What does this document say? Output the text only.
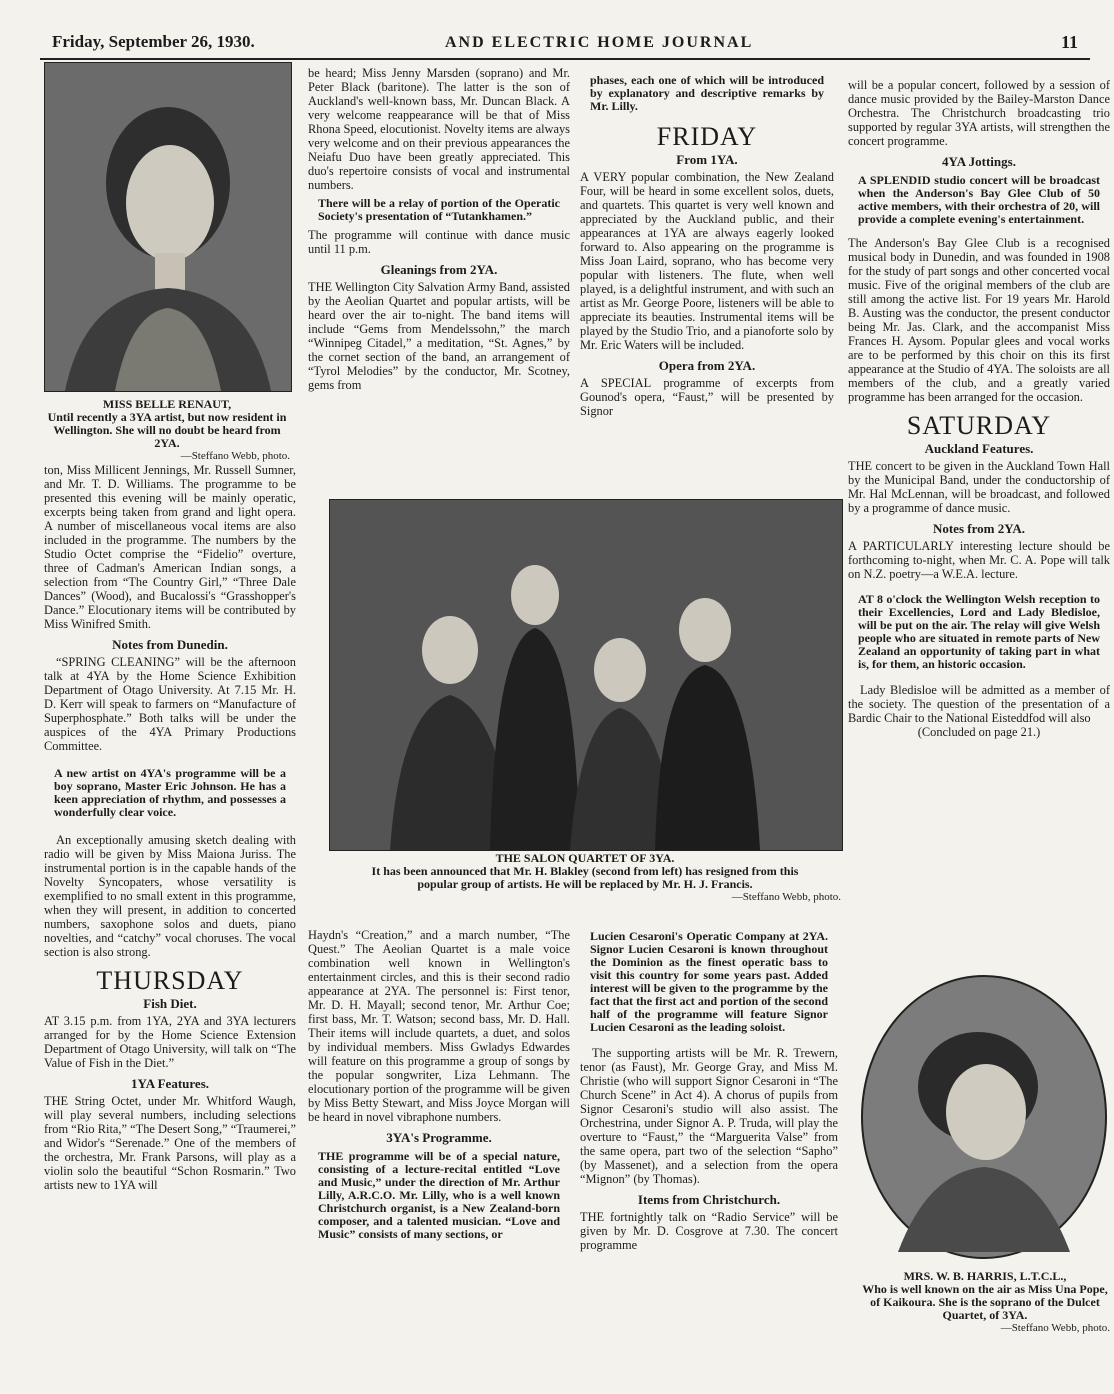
Friday, September 26, 1930.	AND ELECTRIC HOME JOURNAL	11
MISS BELLE RENAUT,
Until recently a 3YA artist, but now resident in Wellington. She will no doubt be heard from 2YA.
—Steffano Webb, photo.

ton, Miss Millicent Jennings, Mr. Russell Sumner, and Mr. T. D. Williams. The programme to be presented this evening will be mainly operatic, excerpts being taken from grand and light opera. A number of miscellaneous vocal items are also included in the programme. The numbers by the Studio Octet comprise the “Fidelio” overture, three of Cadman's American Indian songs, a selection from “The Country Girl,” “Three Dale Dances” (Wood), and Bucalossi's “Grasshopper's Dance.” Elocutionary items will be contributed by Miss Winifred Smith.

Notes from Dunedin.

“SPRING CLEANING” will be the afternoon talk at 4YA by the Home Science Exhibition Department of Otago University. At 7.15 Mr. H. D. Kerr will speak to farmers on “Manufacture of Superphosphate.” Both talks will be under the auspices of the 4YA Primary Productions Committee.

A new artist on 4YA's programme will be a boy soprano, Master Eric Johnson. He has a keen appreciation of rhythm, and possesses a wonderfully clear voice.

An exceptionally amusing sketch dealing with radio will be given by Miss Maiona Juriss. The instrumental portion is in the capable hands of the Novelty Syncopaters, whose versatility is exemplified to no small extent in this programme, when they will present, in addition to concerted numbers, saxophone solos and duets, piano novelties, and “catchy” vocal choruses. The vocal section is also strong.

THURSDAY
Fish Diet.

AT 3.15 p.m. from 1YA, 2YA and 3YA lecturers arranged for by the Home Science Extension Department of Otago University, will talk on “The Value of Fish in the Diet.”

1YA Features.

THE String Octet, under Mr. Whitford Waugh, will play several numbers, including selections from “Rio Rita,” “The Desert Song,” “Traumerei,” and Widor's “Serenade.” One of the members of the orchestra, Mr. Frank Parsons, will play as a violin solo the beautiful “Schon Rosmarin.” Two artists new to 1YA will

be heard; Miss Jenny Marsden (soprano) and Mr. Peter Black (baritone). The latter is the son of Auckland's well-known bass, Mr. Duncan Black. A very welcome reappearance will be that of Miss Rhona Speed, elocutionist. Novelty items are always very welcome and on their previous appearances the Neiafu Duo have been greatly appreciated. This duo's repertoire consists of vocal and instrumental numbers.

There will be a relay of portion of the Operatic Society's presentation of “Tutankhamen.”

The programme will continue with dance music until 11 p.m.

Gleanings from 2YA.

THE Wellington City Salvation Army Band, assisted by the Aeolian Quartet and popular artists, will be heard over the air to-night. The band items will include “Gems from Mendelssohn,” the march “Winnipeg Citadel,” a meditation, “St. Agnes,” by the cornet section of the band, an arrangement of “Tyrol Melodies” by the conductor, Mr. Scotney, gems from

phases, each one of which will be introduced by explanatory and descriptive remarks by Mr. Lilly.
FRIDAY
From 1YA.

A VERY popular combination, the New Zealand Four, will be heard in some excellent solos, duets, and quartets. This quartet is very well known and appreciated by the Auckland public, and their appearances at 1YA are always eagerly looked forward to. Also appearing on the programme is Miss Joan Laird, soprano, who has become very popular with listeners. The flute, when well played, is a delightful instrument, and with such an artist as Mr. George Poore, listeners will be able to appreciate its beauties. Instrumental items will be played by the Studio Trio, and a pianoforte solo by Mr. Eric Waters will be included.

Opera from 2YA.

A SPECIAL programme of excerpts from Gounod's opera, “Faust,” will be presented by Signor

will be a popular concert, followed by a session of dance music provided by the Bailey-Marston Dance Orchestra. The Christchurch broadcasting trio supported by regular 3YA artists, will strengthen the concert programme.

4YA Jottings.
A SPLENDID studio concert will be broadcast when the Anderson's Bay Glee Club of 50 active members, with their orchestra of 20, will provide a complete evening's entertainment.

The Anderson's Bay Glee Club is a recognised musical body in Dunedin, and was founded in 1908 for the study of part songs and other concerted vocal music. Five of the original members of the club are still among the active list. For 19 years Mr. Harold B. Austing was the conductor, the present conductor being Mr. Jas. Clark, and the accompanist Miss Frances H. Aysom. Popular glees and vocal works are to be performed by this choir on this its first appearance at the Studio of 4YA. The soloists are all members of the club, and a greatly varied programme has been arranged for the occasion.

SATURDAY
Auckland Features.

THE concert to be given in the Auckland Town Hall by the Municipal Band, under the conductorship of Mr. Hal McLennan, will be broadcast, and followed by a programme of dance music.

Notes from 2YA.

A PARTICULARLY interesting lecture should be forthcoming to-night, when Mr. C. A. Pope will talk on N.Z. poetry—a W.E.A. lecture.

AT 8 o'clock the Wellington Welsh reception to their Excellencies, Lord and Lady Bledisloe, will be put on the air. The relay will give Welsh people who are situated in remote parts of New Zealand an opportunity of taking part in what is, for them, an historic occasion.

Lady Bledisloe will be admitted as a member of the society. The question of the presentation of a Bardic Chair to the National Eisteddfod will also

(Concluded on page 21.)
MRS. W. B. HARRIS, L.T.C.L.,
Who is well known on the air as Miss Una Pope, of Kaikoura. She is the soprano of the Dulcet Quartet, of 3YA.
—Steffano Webb, photo.
THE SALON QUARTET OF 3YA.
It has been announced that Mr. H. Blakley (second from left) has resigned from this popular group of artists. He will be replaced by Mr. H. J. Francis.
—Steffano Webb, photo.

Haydn's “Creation,” and a march number, “The Quest.” The Aeolian Quartet is a male voice combination well known in Wellington's entertainment circles, and this is their second radio appearance at 2YA. The personnel is: First tenor, Mr. D. H. Mayall; second tenor, Mr. Arthur Coe; first bass, Mr. T. Watson; second bass, Mr. D. Hall. Their items will include quartets, a duet, and solos by individual members. Miss Gwladys Edwardes will feature on this programme a group of songs by the popular songwriter, Liza Lehmann. The elocutionary portion of the programme will be given by Miss Betty Stewart, and Miss Joyce Morgan will be heard in novel vibraphone numbers.

3YA's Programme.
THE programme will be of a special nature, consisting of a lecture-recital entitled “Love and Music,” under the direction of Mr. Arthur Lilly, A.R.C.O. Mr. Lilly, who is a well known Christchurch organist, is a New Zealand-born composer, and a talented musician. “Love and Music” consists of many sections, or
Lucien Cesaroni's Operatic Company at 2YA. Signor Lucien Cesaroni is known throughout the Dominion as the finest operatic bass to visit this country for some years past. Added interest will be given to the programme by the fact that the first act and portion of the second half of the programme will feature Signor Lucien Cesaroni as the leading soloist.

The supporting artists will be Mr. R. Trewern, tenor (as Faust), Mr. George Gray, and Miss M. Christie (who will support Signor Cesaroni in “The Church Scene” in Act 4). A chorus of pupils from Signor Cesaroni's studio will also assist. The Orchestrina, under Signor A. P. Truda, will play the overture to “Faust,” the “Marguerita Valse” from the same opera, part two of the selection “Sapho” (by Massenet), and a selection from the opera “Mignon” (by Thomas).

Items from Christchurch.

THE fortnightly talk on “Radio Service” will be given by Mr. D. Cosgrove at 7.30. The concert programme
